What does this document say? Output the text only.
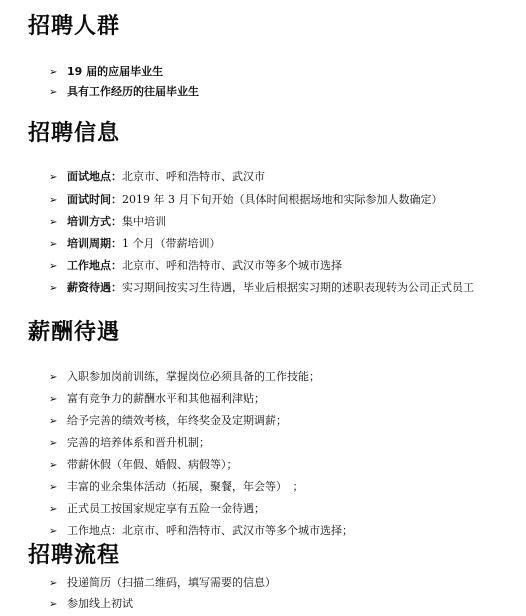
招聘人群
➢ 19 届的应届毕业生
➢ 具有工作经历的往届毕业生
招聘信息
➢ 面试地点：北京市、呼和浩特市、武汉市
➢ 面试时间：2019 年 3 月下旬开始（具体时间根据场地和实际参加人数确定）
➢ 培训方式：集中培训
➢ 培训周期：1 个月（带薪培训）
➢ 工作地点：北京市、呼和浩特市、武汉市等多个城市选择
➢ 薪资待遇：实习期间按实习生待遇，毕业后根据实习期的述职表现转为公司正式员工
薪酬待遇
➢ 入职参加岗前训练，掌握岗位必须具备的工作技能；
➢ 富有竞争力的薪酬水平和其他福利津贴；
➢ 给予完善的绩效考核，年终奖金及定期调薪；
➢ 完善的培养体系和晋升机制；
➢ 带薪休假（年假、婚假、病假等）；
➢ 丰富的业余集体活动（拓展，聚餐，年会等）　；
➢ 正式员工按国家规定享有五险一金待遇；
➢ 工作地点：北京市、呼和浩特市、武汉市等多个城市选择；
招聘流程
➢ 投递简历（扫描二维码，填写需要的信息）
➢ 参加线上初试
